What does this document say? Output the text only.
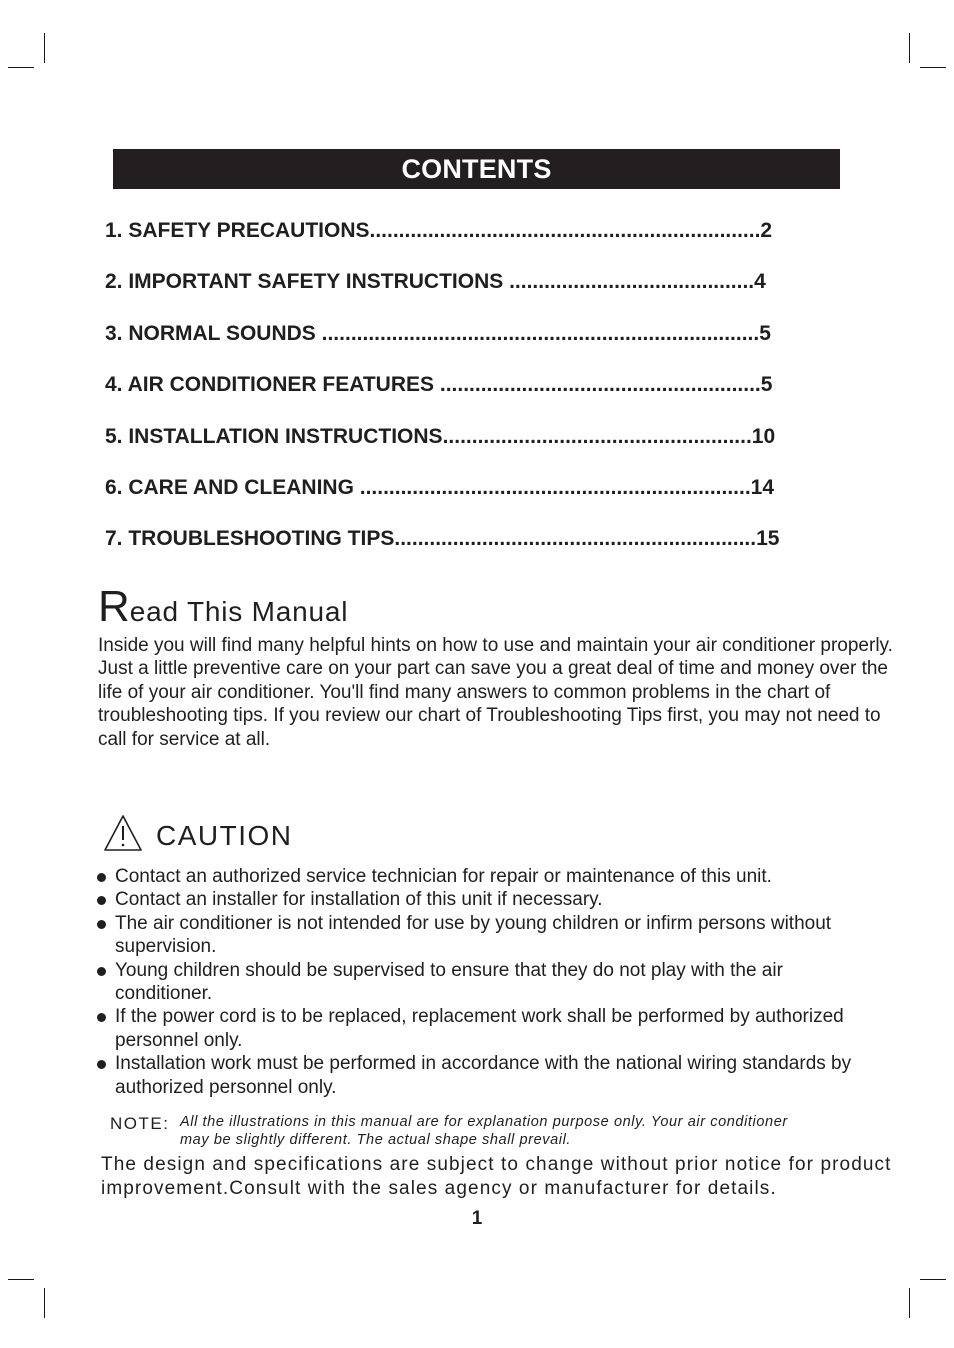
CONTENTS
1. SAFETY PRECAUTIONS...................................................................2
2. IMPORTANT SAFETY INSTRUCTIONS ..........................................4
3. NORMAL SOUNDS ...........................................................................5
4. AIR CONDITIONER FEATURES .......................................................5
5. INSTALLATION INSTRUCTIONS.....................................................10
6. CARE AND CLEANING ...................................................................14
7. TROUBLESHOOTING TIPS..............................................................15
Read This Manual
Inside you will find many helpful hints on how to use and maintain your air conditioner properly. Just a little preventive care on your part can save you a great deal of time and money over the life of your air conditioner. You'll find many answers to common problems in the chart of troubleshooting tips. If you review our chart of Troubleshooting Tips first, you may not need to call for service at all.
CAUTION
Contact an authorized service technician for repair or maintenance of this unit.
Contact an installer for installation of this unit if necessary.
The air conditioner is not intended for use by young children or infirm persons without supervision.
Young children should be supervised to ensure that they do not play with the air conditioner.
If the power cord is to be replaced, replacement work shall be performed by authorized personnel only.
Installation work must be performed in accordance with the national wiring standards by authorized personnel only.
NOTE: All the illustrations in this manual are for explanation purpose only. Your air conditioner may be slightly different. The actual shape shall prevail.
The design and specifications are subject to change without prior notice for product
improvement.Consult with the sales agency or manufacturer for details.
1
